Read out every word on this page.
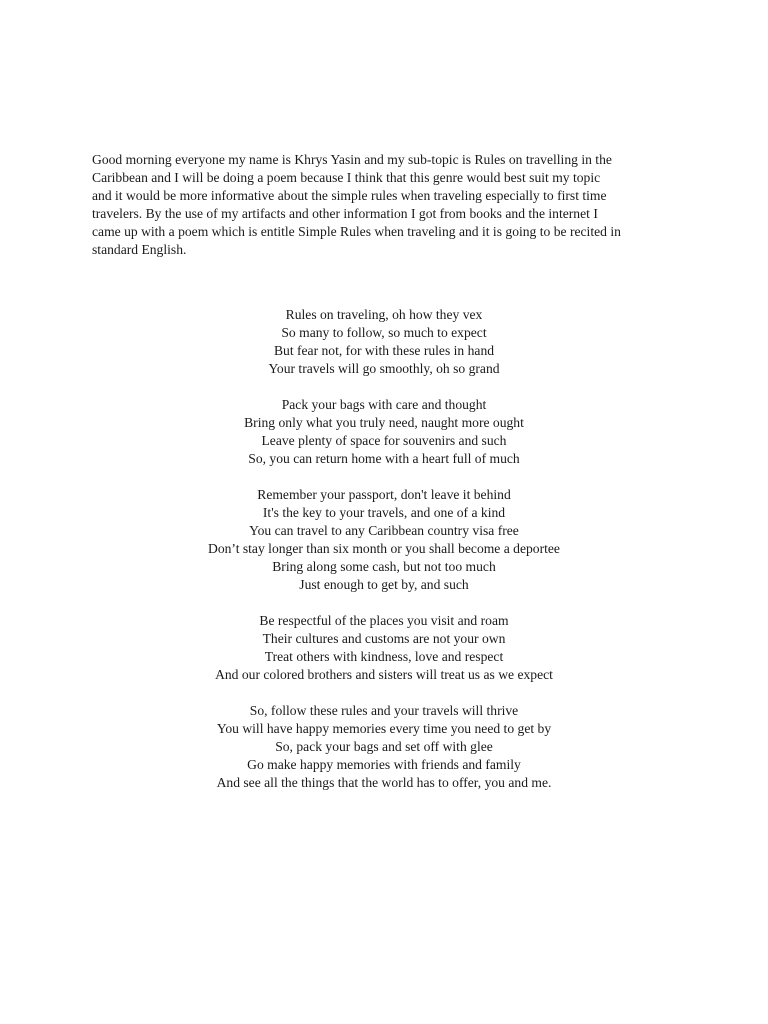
Good morning everyone my name is Khrys Yasin and my sub-topic is Rules on travelling in the
Caribbean and I will be doing a poem because I think that this genre would best suit my topic
and it would be more informative about the simple rules when traveling especially to first time
travelers. By the use of my artifacts and other information I got from books and the internet I
came up with a poem which is entitle Simple Rules when traveling and it is going to be recited in
standard English.
Rules on traveling, oh how they vex
So many to follow, so much to expect
But fear not, for with these rules in hand
Your travels will go smoothly, oh so grand
Pack your bags with care and thought
Bring only what you truly need, naught more ought
Leave plenty of space for souvenirs and such
So, you can return home with a heart full of much
Remember your passport, don't leave it behind
It's the key to your travels, and one of a kind
You can travel to any Caribbean country visa free
Don’t stay longer than six month or you shall become a deportee
Bring along some cash, but not too much
Just enough to get by, and such
Be respectful of the places you visit and roam
Their cultures and customs are not your own
Treat others with kindness, love and respect
And our colored brothers and sisters will treat us as we expect
So, follow these rules and your travels will thrive
You will have happy memories every time you need to get by
So, pack your bags and set off with glee
Go make happy memories with friends and family
And see all the things that the world has to offer, you and me.
